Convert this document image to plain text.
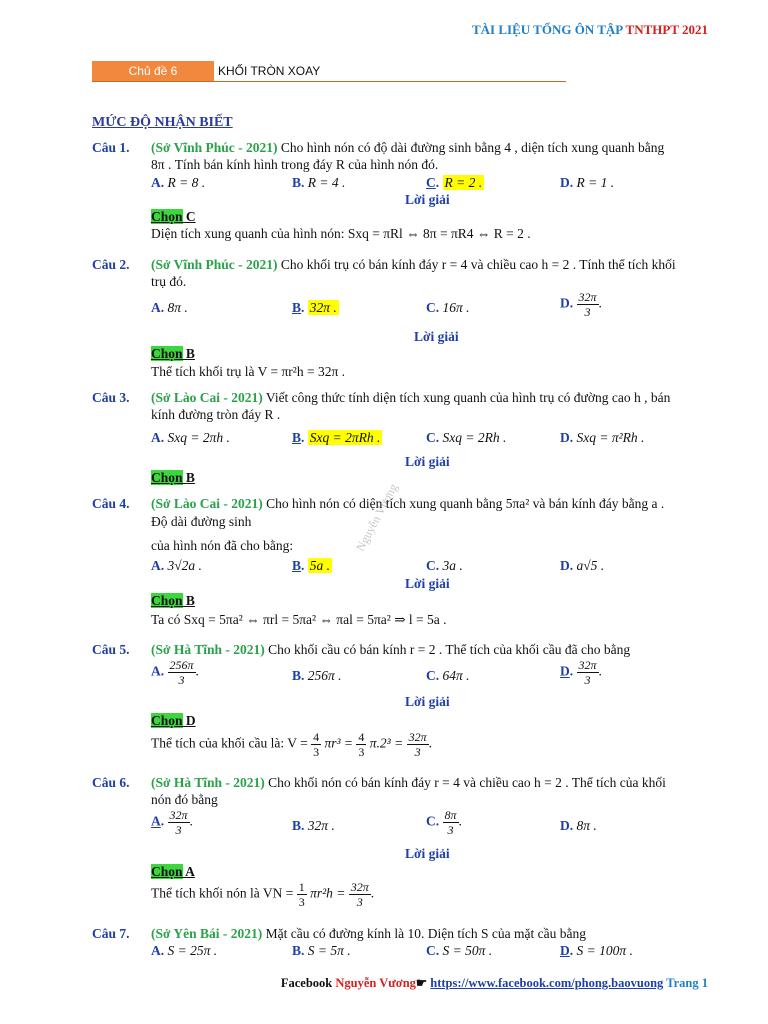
TÀI LIỆU TỔNG ÔN TẬP TNTHPT 2021
Chủ đề 6	KHỐI TRÒN XOAY
MỨC ĐỘ NHẬN BIẾT
Nguyễn Vương
Câu 1. (Sở Vĩnh Phúc - 2021) Cho hình nón có độ dài đường sinh bằng 4 , diện tích xung quanh bằng
8π . Tính bán kính hình trong đáy R của hình nón đó.
A. R = 8 .	B. R = 4 .	C. R = 2 .	D. R = 1 .
Lời giải
Chọn C
Diện tích xung quanh của hình nón: Sxq = πRl ⇔ 8π = πR4 ⇔ R = 2 .
Câu 2. (Sở Vĩnh Phúc - 2021) Cho khối trụ có bán kính đáy r = 4 và chiều cao h = 2 . Tính thể tích khối
trụ đó.
A. 8π .	B. 32π .	C. 16π .	D. $\frac{32\pi}{3}$ .
Lời giải
Chọn B
Thể tích khối trụ là V = πr²h = 32π .
Câu 3. (Sở Lào Cai - 2021) Viết công thức tính diện tích xung quanh của hình trụ có đường cao h , bán
kính đường tròn đáy R .
A. Sxq = 2πh .	B. Sxq = 2πRh .	C. Sxq = 2Rh .	D. Sxq = π²Rh .
Lời giải
Chọn B
Câu 4. (Sở Lào Cai - 2021) Cho hình nón có diện tích xung quanh bằng 5πa² và bán kính đáy bằng a .
Độ dài đường sinh
của hình nón đã cho bằng:
A. 3√2a .	B. 5a .	C. 3a .	D. a√5 .
Lời giải
Chọn B
Ta có Sxq = 5πa² ⇔ πrl = 5πa² ⇔ πal = 5πa² ⇒ l = 5a .
Câu 5. (Sở Hà Tĩnh - 2021) Cho khối cầu có bán kính r = 2 . Thể tích của khối cầu đã cho bằng
A. $\frac{256\pi}{3}$ .	B. 256π .	C. 64π .	D. $\frac{32\pi}{3}$ .
Lời giải
Chọn D
Thể tích của khối cầu là: $V = \frac{4}{3} \pi r^3 = \frac{4}{3} \pi.2^3 = \frac{32\pi}{3}$ .
Câu 6. (Sở Hà Tĩnh - 2021) Cho khối nón có bán kính đáy r = 4 và chiều cao h = 2 . Thể tích của khối
nón đó bằng
A. $\frac{32\pi}{3}$ .	B. 32π .	C. $\frac{8\pi}{3}$ .	D. 8π .
Lời giải
Chọn A
Thể tích khối nón là VN = $\frac{1}{3} \pi r^2h = \frac{32\pi}{3}$ .
Câu 7. (Sở Yên Bái - 2021) Mặt cầu có đường kính là 10. Diện tích S của mặt cầu bằng
A. S = 25π .	B. S = 5π .	C. S = 50π .	D. S = 100π .
Facebook Nguyễn Vương☛ https://www.facebook.com/phong.baovuong Trang 1
